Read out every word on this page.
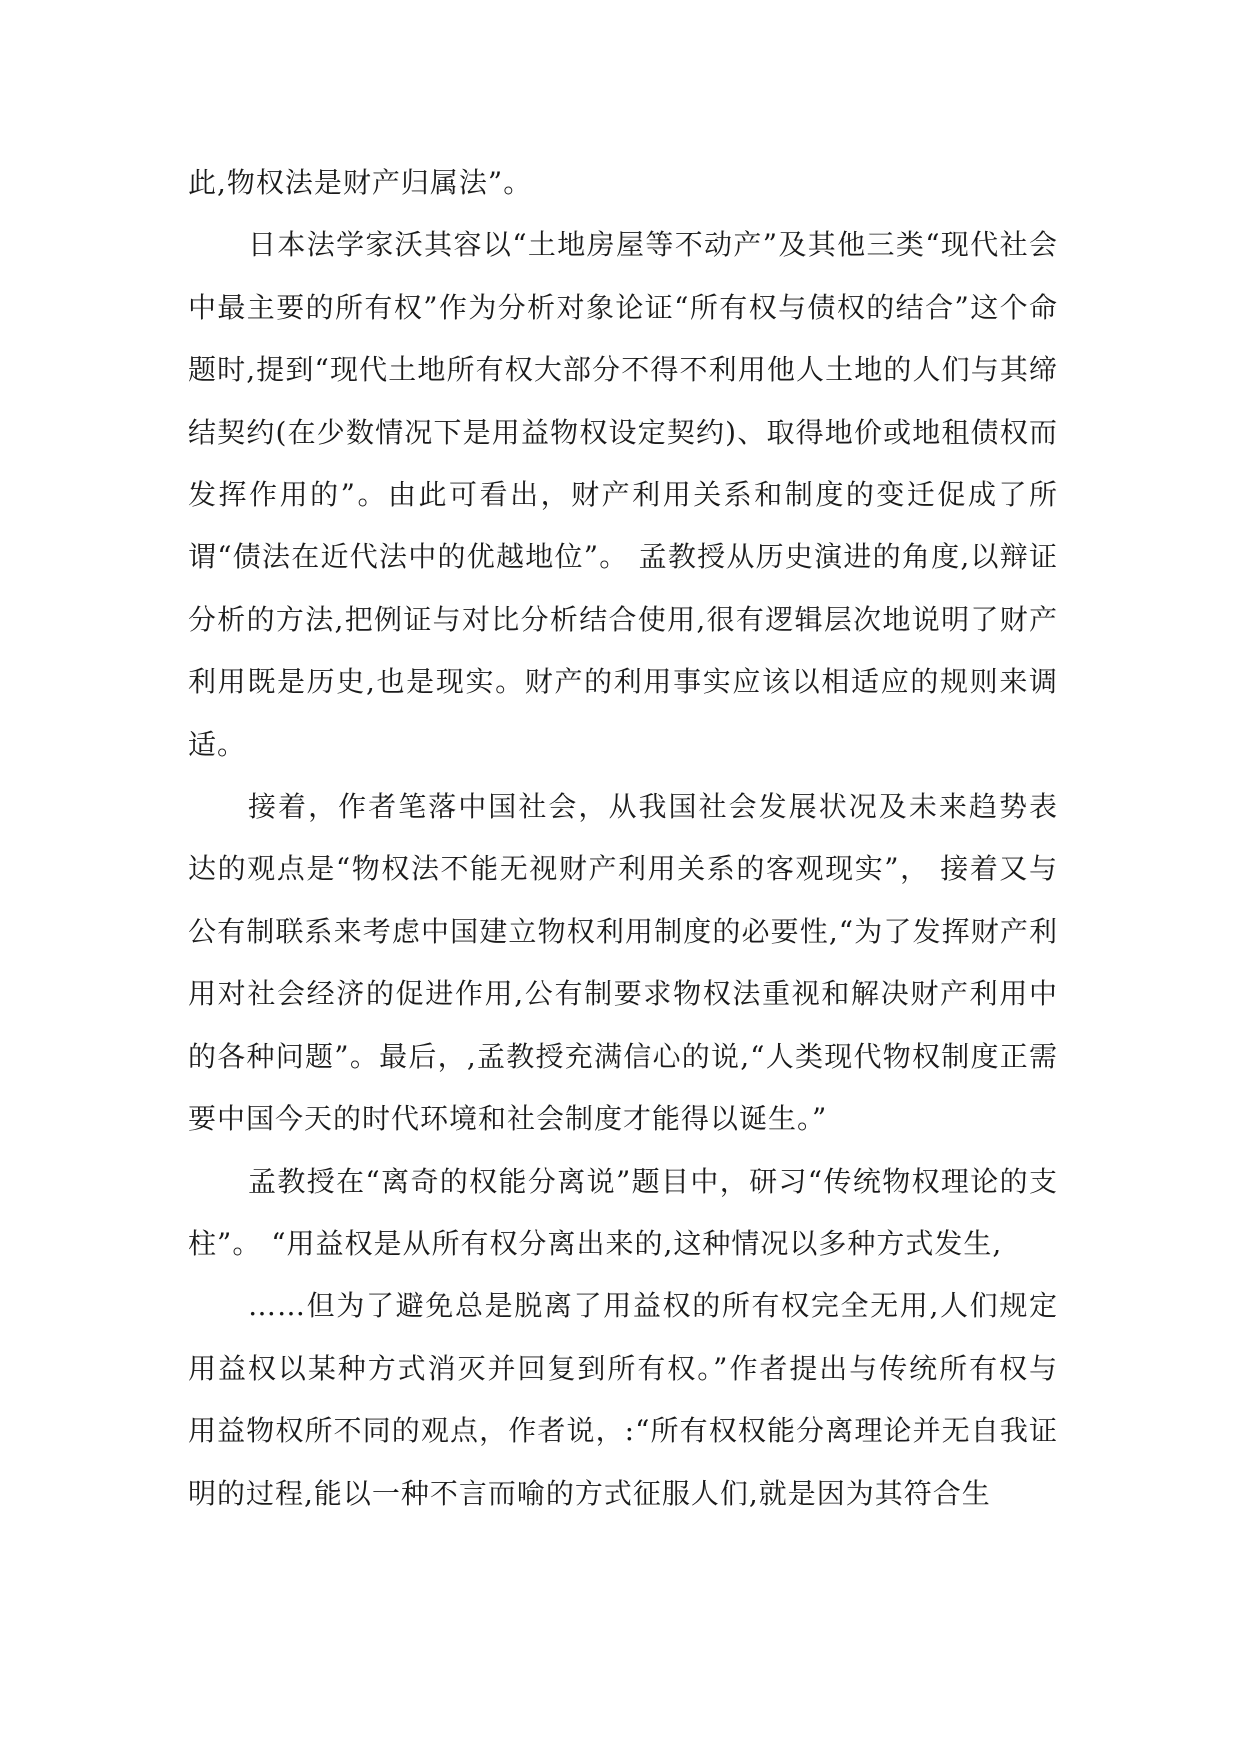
此,物权法是财产归属法”。

日本法学家沃其容以“土地房屋等不动产”及其他三类“现代社会中最主要的所有权”作为分析对象论证“所有权与债权的结合”这个命题时,提到“现代土地所有权大部分不得不利用他人土地的人们与其缔结契约(在少数情况下是用益物权设定契约)、取得地价或地租债权而发挥作用的”。由此可看出，财产利用关系和制度的变迁促成了所谓“债法在近代法中的优越地位”。 孟教授从历史演进的角度,以辩证分析的方法,把例证与对比分析结合使用,很有逻辑层次地说明了财产利用既是历史,也是现实。财产的利用事实应该以相适应的规则来调适。

接着，作者笔落中国社会，从我国社会发展状况及未来趋势表达的观点是“物权法不能无视财产利用关系的客观现实”， 接着又与公有制联系来考虑中国建立物权利用制度的必要性,“为了发挥财产利用对社会经济的促进作用,公有制要求物权法重视和解决财产利用中的各种问题”。最后，,孟教授充满信心的说,“人类现代物权制度正需要中国今天的时代环境和社会制度才能得以诞生。”

孟教授在“离奇的权能分离说”题目中，研习“传统物权理论的支柱”。 “用益权是从所有权分离出来的,这种情况以多种方式发生,

……但为了避免总是脱离了用益权的所有权完全无用,人们规定用益权以某种方式消灭并回复到所有权。”作者提出与传统所有权与用益物权所不同的观点，作者说，:“所有权权能分离理论并无自我证明的过程,能以一种不言而喻的方式征服人们,就是因为其符合生
